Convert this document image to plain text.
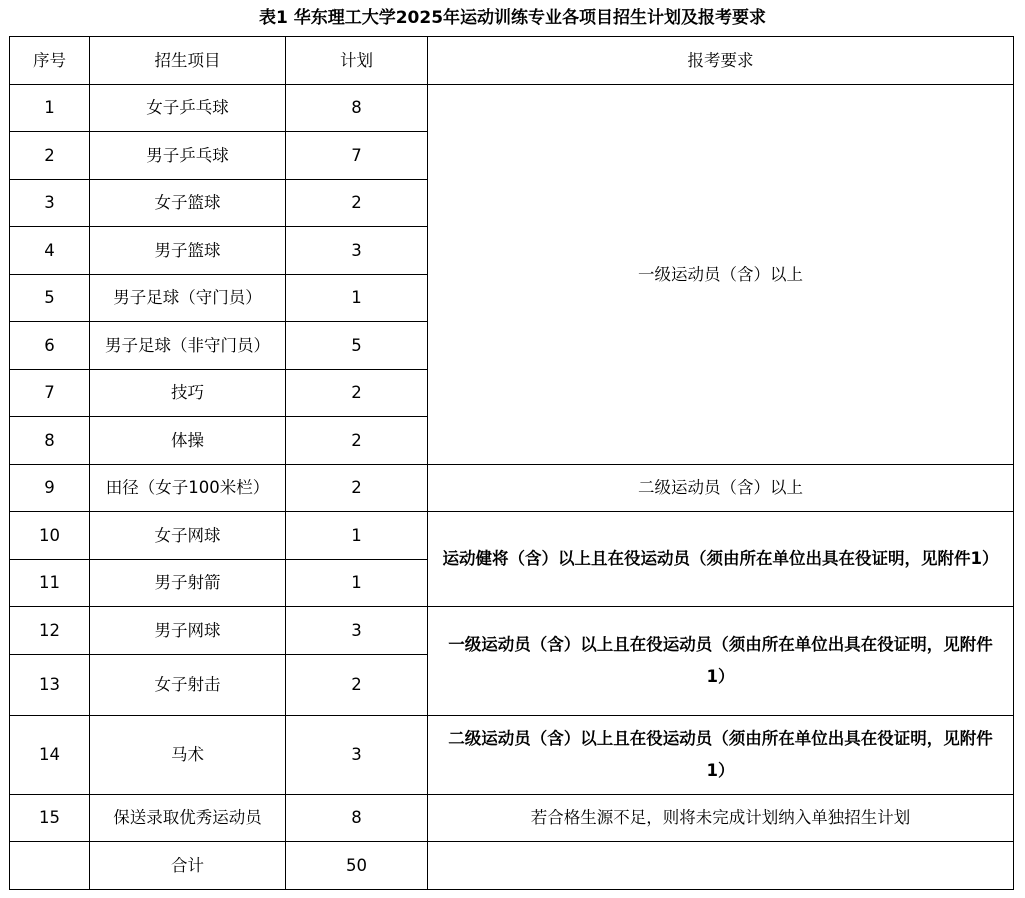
表1 华东理工大学2025年运动训练专业各项目招生计划及报考要求
序号	招生项目	计划	报考要求
1	女子乒乓球	8	一级运动员（含）以上
2	男子乒乓球	7	
3	女子篮球	2	
4	男子篮球	3	
5	男子足球（守门员）	1	
6	男子足球（非守门员）	5	
7	技巧	2	
8	体操	2	
9	田径（女子100米栏）	2	二级运动员（含）以上
10	女子网球	1	运动健将（含）以上且在役运动员（须由所在单位出具在役证明，见附件1）
11	男子射箭	1	
12	男子网球	3	一级运动员（含）以上且在役运动员（须由所在单位出具在役证明，见附件1）
13	女子射击	2	
14	马术	3	二级运动员（含）以上且在役运动员（须由所在单位出具在役证明，见附件1）
15	保送录取优秀运动员	8	若合格生源不足，则将未完成计划纳入单独招生计划
	合计	50	
